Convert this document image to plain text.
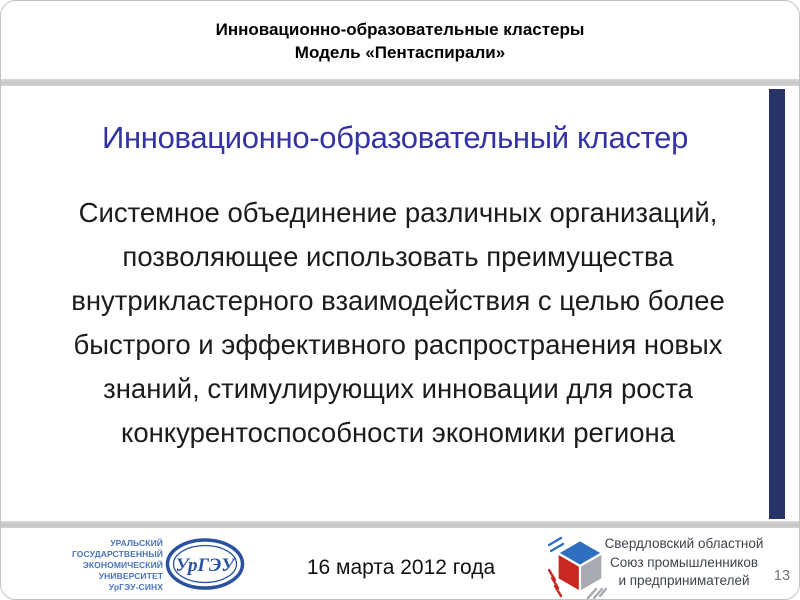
Инновационно-образовательные кластеры
Модель «Пентаспирали»
Инновационно-образовательный кластер
Системное объединение различных организаций,
позволяющее использовать преимущества
внутрикластерного взаимодействия с целью более
быстрого и эффективного распространения новых
знаний, стимулирующих инновации для роста
конкурентоспособности экономики региона
УРАЛЬСКИЙ
ГОСУДАРСТВЕННЫЙ
ЭКОНОМИЧЕСКИЙ
УНИВЕРСИТЕТ
УрГЭУ-СИНХ
УрГЭУ	16 марта 2012 года
Свердловский областной
Союз промышленников
и предпринимателей	13
